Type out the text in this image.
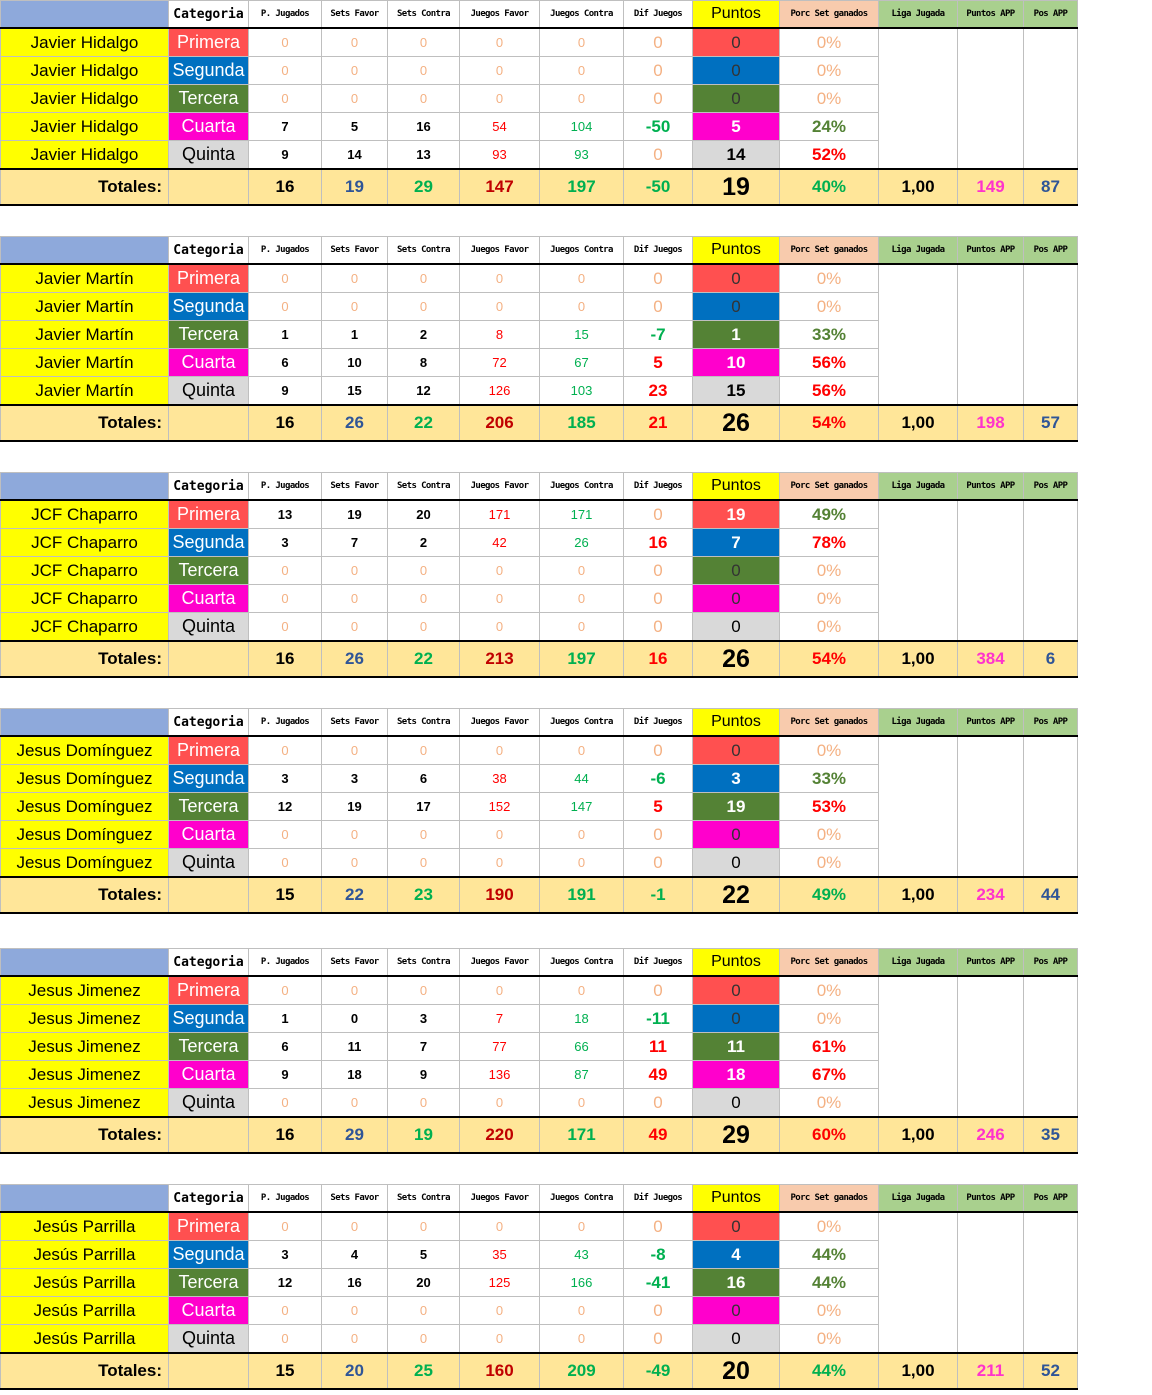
	Categoria	P. Jugados	Sets Favor	Sets Contra	Juegos Favor	Juegos Contra	Dif Juegos	Puntos	Porc Set ganados	Liga Jugada	Puntos APP	Pos APP
Javier Hidalgo	Primera	0	0	0	0	0	0	0	0%			
Javier Hidalgo	Segunda	0	0	0	0	0	0	0	0%			
Javier Hidalgo	Tercera	0	0	0	0	0	0	0	0%			
Javier Hidalgo	Cuarta	7	5	16	54	104	-50	5	24%			
Javier Hidalgo	Quinta	9	14	13	93	93	0	14	52%			
Totales:		16	19	29	147	197	-50	19	40%	1,00	149	87
	Categoria	P. Jugados	Sets Favor	Sets Contra	Juegos Favor	Juegos Contra	Dif Juegos	Puntos	Porc Set ganados	Liga Jugada	Puntos APP	Pos APP
Javier Martín	Primera	0	0	0	0	0	0	0	0%			
Javier Martín	Segunda	0	0	0	0	0	0	0	0%			
Javier Martín	Tercera	1	1	2	8	15	-7	1	33%			
Javier Martín	Cuarta	6	10	8	72	67	5	10	56%			
Javier Martín	Quinta	9	15	12	126	103	23	15	56%			
Totales:		16	26	22	206	185	21	26	54%	1,00	198	57
	Categoria	P. Jugados	Sets Favor	Sets Contra	Juegos Favor	Juegos Contra	Dif Juegos	Puntos	Porc Set ganados	Liga Jugada	Puntos APP	Pos APP
JCF Chaparro	Primera	13	19	20	171	171	0	19	49%			
JCF Chaparro	Segunda	3	7	2	42	26	16	7	78%			
JCF Chaparro	Tercera	0	0	0	0	0	0	0	0%			
JCF Chaparro	Cuarta	0	0	0	0	0	0	0	0%			
JCF Chaparro	Quinta	0	0	0	0	0	0	0	0%			
Totales:		16	26	22	213	197	16	26	54%	1,00	384	6
	Categoria	P. Jugados	Sets Favor	Sets Contra	Juegos Favor	Juegos Contra	Dif Juegos	Puntos	Porc Set ganados	Liga Jugada	Puntos APP	Pos APP
Jesus Domínguez	Primera	0	0	0	0	0	0	0	0%			
Jesus Domínguez	Segunda	3	3	6	38	44	-6	3	33%			
Jesus Domínguez	Tercera	12	19	17	152	147	5	19	53%			
Jesus Domínguez	Cuarta	0	0	0	0	0	0	0	0%			
Jesus Domínguez	Quinta	0	0	0	0	0	0	0	0%			
Totales:		15	22	23	190	191	-1	22	49%	1,00	234	44
	Categoria	P. Jugados	Sets Favor	Sets Contra	Juegos Favor	Juegos Contra	Dif Juegos	Puntos	Porc Set ganados	Liga Jugada	Puntos APP	Pos APP
Jesus Jimenez	Primera	0	0	0	0	0	0	0	0%			
Jesus Jimenez	Segunda	1	0	3	7	18	-11	0	0%			
Jesus Jimenez	Tercera	6	11	7	77	66	11	11	61%			
Jesus Jimenez	Cuarta	9	18	9	136	87	49	18	67%			
Jesus Jimenez	Quinta	0	0	0	0	0	0	0	0%			
Totales:		16	29	19	220	171	49	29	60%	1,00	246	35
	Categoria	P. Jugados	Sets Favor	Sets Contra	Juegos Favor	Juegos Contra	Dif Juegos	Puntos	Porc Set ganados	Liga Jugada	Puntos APP	Pos APP
Jesús Parrilla	Primera	0	0	0	0	0	0	0	0%			
Jesús Parrilla	Segunda	3	4	5	35	43	-8	4	44%			
Jesús Parrilla	Tercera	12	16	20	125	166	-41	16	44%			
Jesús Parrilla	Cuarta	0	0	0	0	0	0	0	0%			
Jesús Parrilla	Quinta	0	0	0	0	0	0	0	0%			
Totales:		15	20	25	160	209	-49	20	44%	1,00	211	52
